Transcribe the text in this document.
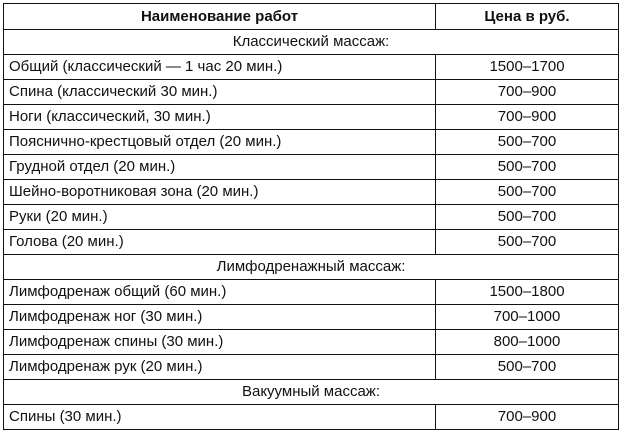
Наименование работ	Цена в руб.
Классический массаж:	
Общий (классический — 1 час 20 мин.)	1500–1700
Спина (классический 30 мин.)	700–900
Ноги (классический, 30 мин.)	700–900
Пояснично-крестцовый отдел (20 мин.)	500–700
Грудной отдел (20 мин.)	500–700
Шейно-воротниковая зона (20 мин.)	500–700
Руки (20 мин.)	500–700
Голова (20 мин.)	500–700
Лимфодренажный массаж:	
Лимфодренаж общий (60 мин.)	1500–1800
Лимфодренаж ног (30 мин.)	700–1000
Лимфодренаж спины (30 мин.)	800–1000
Лимфодренаж рук (20 мин.)	500–700
Вакуумный массаж:	
Спины (30 мин.)	700–900
